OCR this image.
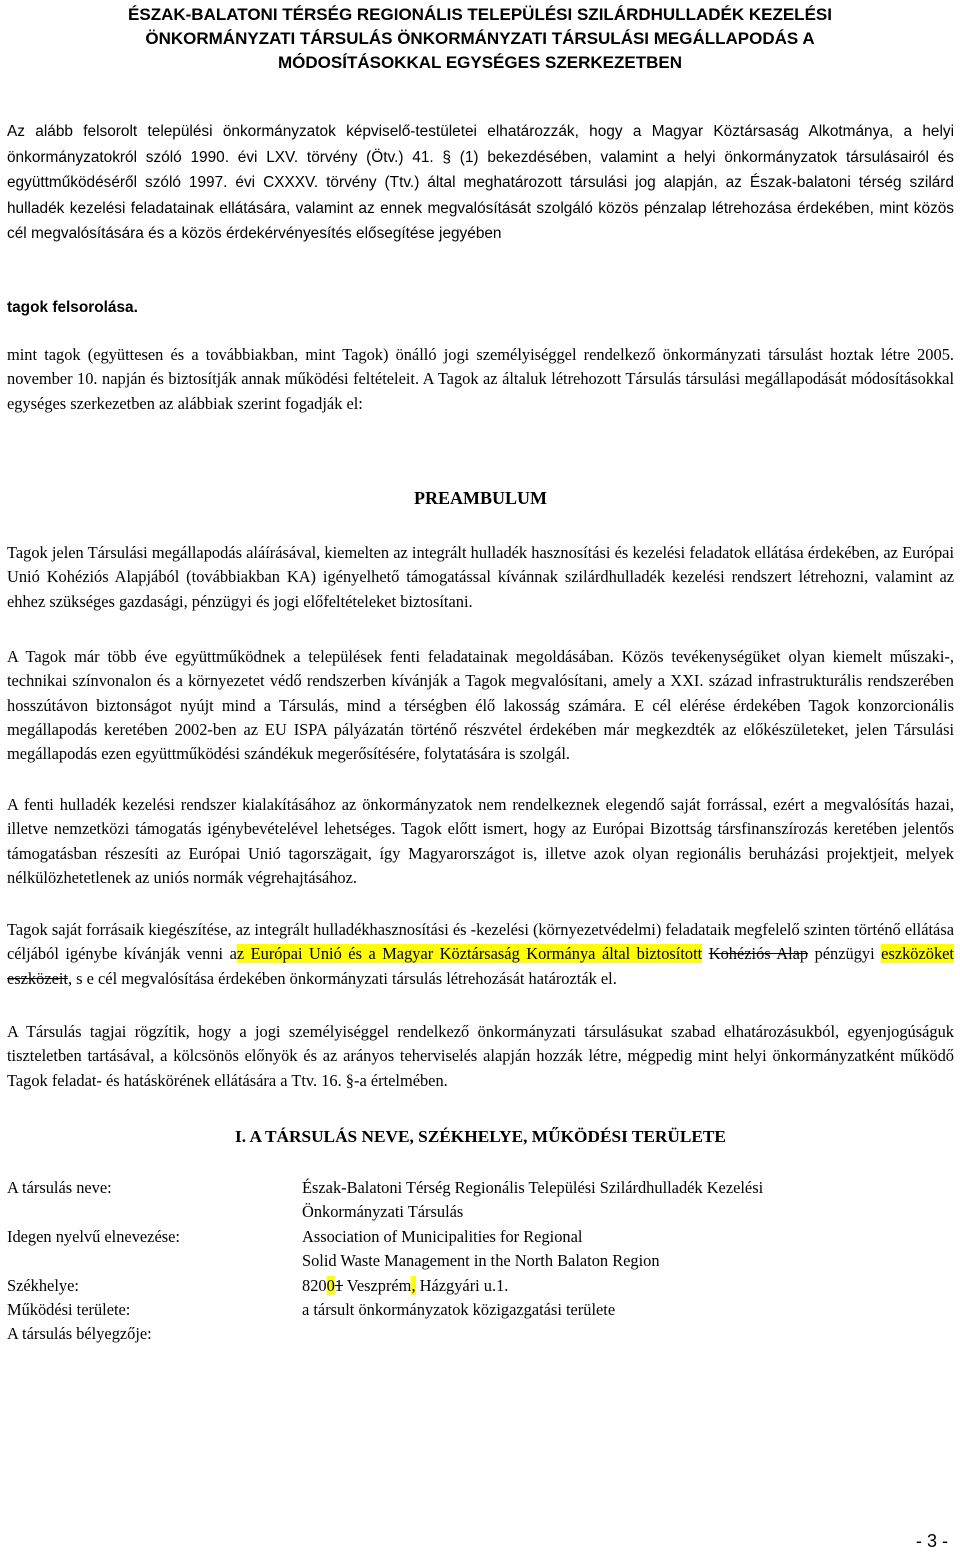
ÉSZAK-BALATONI TÉRSÉG REGIONÁLIS TELEPÜLÉSI SZILÁRDHULLADÉK KEZELÉSI
ÖNKORMÁNYZATI TÁRSULÁS ÖNKORMÁNYZATI TÁRSULÁSI MEGÁLLAPODÁS A
MÓDOSÍTÁSOKKAL EGYSÉGES SZERKEZETBEN

Az alább felsorolt települési önkormányzatok képviselő-testületei elhatározzák, hogy a Magyar Köztársaság Alkotmánya, a helyi önkormányzatokról szóló 1990. évi LXV. törvény (Ötv.) 41. § (1) bekezdésében, valamint a helyi önkormányzatok társulásairól és együttműködéséről szóló 1997. évi CXXXV. törvény (Ttv.) által meghatározott társulási jog alapján, az Észak-balatoni térség szilárd hulladék kezelési feladatainak ellátására, valamint az ennek megvalósítását szolgáló közös pénzalap létrehozása érdekében, mint közös cél megvalósítására és a közös érdekérvényesítés elősegítése jegyében

tagok felsorolása.

mint tagok (együttesen és a továbbiakban, mint Tagok) önálló jogi személyiséggel rendelkező önkormányzati társulást hoztak létre 2005. november 10. napján és biztosítják annak működési feltételeit. A Tagok az általuk létrehozott Társulás társulási megállapodását módosításokkal egységes szerkezetben az alábbiak szerint fogadják el:

PREAMBULUM

Tagok jelen Társulási megállapodás aláírásával, kiemelten az integrált hulladék hasznosítási és kezelési feladatok ellátása érdekében, az Európai Unió Kohéziós Alapjából (továbbiakban KA) igényelhető támogatással kívánnak szilárdhulladék kezelési rendszert létrehozni, valamint az ehhez szükséges gazdasági, pénzügyi és jogi előfeltételeket biztosítani.

A Tagok már több éve együttműködnek a települések fenti feladatainak megoldásában. Közös tevékenységüket olyan kiemelt műszaki-, technikai színvonalon és a környezetet védő rendszerben kívánják a Tagok megvalósítani, amely a XXI. század infrastrukturális rendszerében hosszútávon biztonságot nyújt mind a Társulás, mind a térségben élő lakosság számára. E cél elérése érdekében Tagok konzorcionális megállapodás keretében 2002-ben az EU ISPA pályázatán történő részvétel érdekében már megkezdték az előkészületeket, jelen Társulási megállapodás ezen együttműködési szándékuk megerősítésére, folytatására is szolgál.

A fenti hulladék kezelési rendszer kialakításához az önkormányzatok nem rendelkeznek elegendő saját forrással, ezért a megvalósítás hazai, illetve nemzetközi támogatás igénybevételével lehetséges. Tagok előtt ismert, hogy az Európai Bizottság társfinanszírozás keretében jelentős támogatásban részesíti az Európai Unió tagorszägait, így Magyarországot is, illetve azok olyan regionális beruházási projektjeit, melyek nélkülözhetetlenek az uniós normák végrehajtásához.

Tagok saját forrásaik kiegészítése, az integrált hulladékhasznosítási és -kezelési (környezetvédelmi) feladataik megfelelő szinten történő ellátása céljából igénybe kívánják venni az Európai Unió és a Magyar Köztársaság Kormánya által biztosított Kohéziós Alap pénzügyi eszközöket eszközeit, s e cél megvalósítása érdekében önkormányzati társulás létrehozását határozták el.

A Társulás tagjai rögzítik, hogy a jogi személyiséggel rendelkező önkormányzati társulásukat szabad elhatározásukból, egyenjogúságuk tiszteletben tartásával, a kölcsönös előnyök és az arányos teherviselés alapján hozzák létre, mégpedig mint helyi önkormányzatként működő Tagok feladat- és hatáskörének ellátására a Ttv. 16. §-a értelmében.

I. A TÁRSULÁS NEVE, SZÉKHELYE, MŰKÖDÉSI TERÜLETE

A társulás neve:	Észak-Balatoni Térség Regionális Települési Szilárdhulladék Kezelési
Önkormányzati Társulás
Idegen nyelvű elnevezése:	Association of Municipalities for Regional
Solid Waste Management in the North Balaton Region
Székhelye:	82001 Veszprém, Házgyári u.1.
Működési területe:	a társult önkormányzatok közigazgatási területe
A társulás bélyegzője:
- 3 -
